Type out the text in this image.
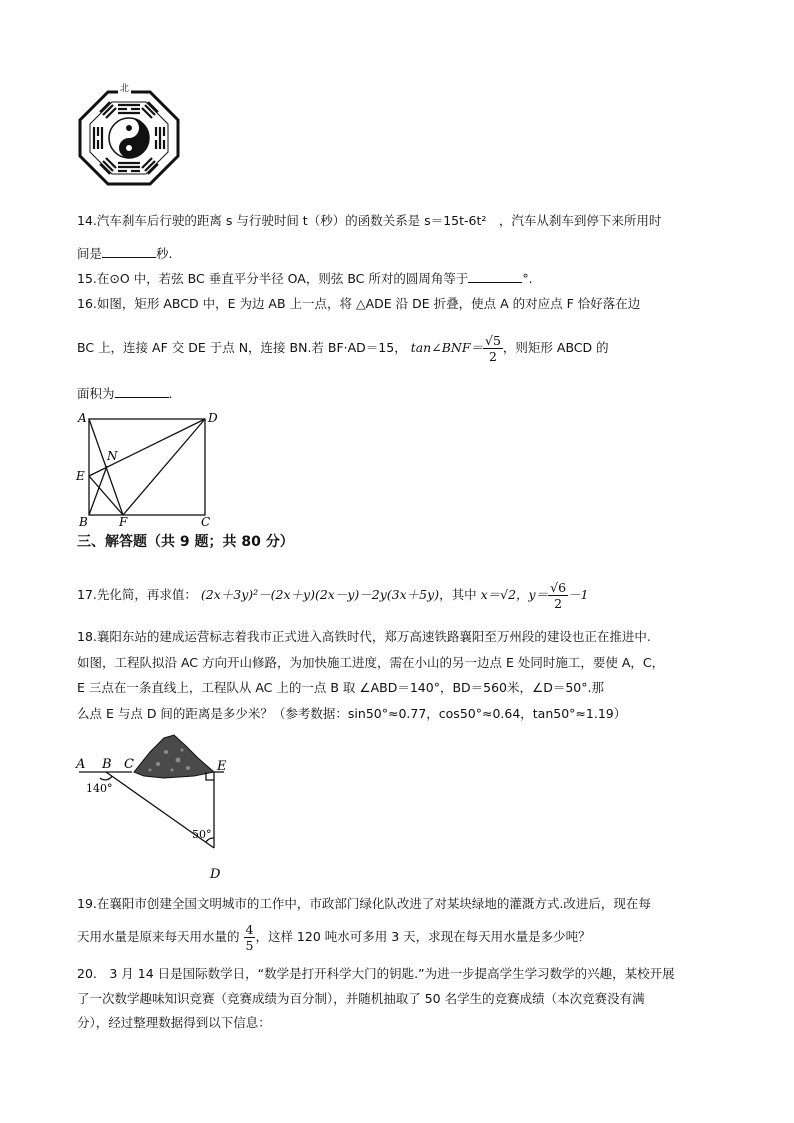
北
14.汽车刹车后行驶的距离 s 与行驶时间 t（秒）的函数关系是 s＝15t-6t²　，汽车从刹车到停下来所用时
间是	秒.
15.在⊙O 中，若弦 BC 垂直平分半径 OA，则弦 BC 所对的圆周角等于	°.
16.如图，矩形 ABCD 中，E 为边 AB 上一点，将 △ADE 沿 DE 折叠，使点 A 的对应点 F 恰好落在边
BC 上，连接 AF 交 DE 于点 N，连接 BN.若 BF·AD＝15， tan∠BNF＝ $\frac{√5}{2}$ ，则矩形 ABCD 的
面积为	.
A	D
E
N
B	F	C
三、解答题（共 9 题；共 80 分）
17.先化简，再求值： (2x＋3y)²－(2x＋y)(2x－y)－2y(3x＋5y)，其中 x＝√2，$y= \frac{√6}{2} -1$
18.襄阳东站的建成运营标志着我市正式进入高铁时代，郑万高速铁路襄阳至万州段的建设也正在推进中.
如图，工程队拟沿 AC 方向开山修路，为加快施工进度，需在小山的另一边点 E 处同时施工，要使 A，C，
E 三点在一条直线上，工程队从 AC 上的一点 B 取 ∠ABD＝140°，BD＝560米，∠D＝50°.那
么点 E 与点 D 间的距离是多少米？（参考数据：sin50°≈0.77，cos50°≈0.64，tan50°≈1.19）
A B C	E
D
140°
50°
19.在襄阳市创建全国文明城市的工作中，市政部门绿化队改进了对某块绿地的灌溉方式.改进后，现在每
天用水量是原来每天用水量的 $\frac{4}{5}$ ，这样 120 吨水可多用 3 天，求现在每天用水量是多少吨？
20.　3 月 14 日是国际数学日，“数学是打开科学大门的钥匙.”为进一步提高学生学习数学的兴趣，某校开展
了一次数学趣味知识竞赛（竞赛成绩为百分制），并随机抽取了 50 名学生的竞赛成绩（本次竞赛没有满
分），经过整理数据得到以下信息：
